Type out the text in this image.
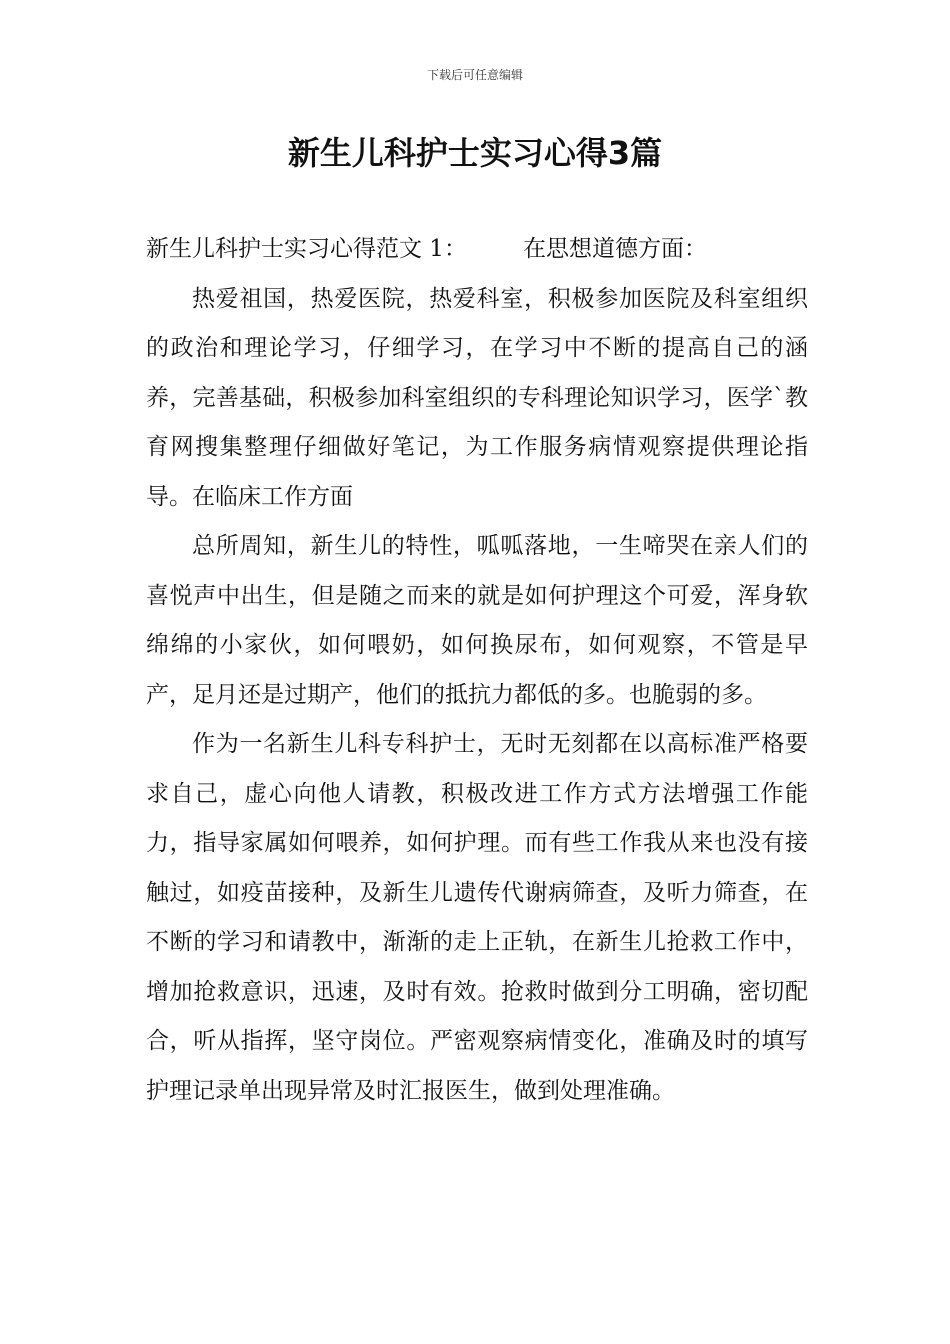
下载后可任意编辑
新生儿科护士实习心得3篇

新生儿科护士实习心得范文 1： 在思想道德方面：

热爱祖国，热爱医院，热爱科室，积极参加医院及科室组织的政治和理论学习，仔细学习，在学习中不断的提高自己的涵养，完善基础，积极参加科室组织的专科理论知识学习，医学`教育网搜集整理仔细做好笔记，为工作服务病情观察提供理论指导。在临床工作方面

总所周知，新生儿的特性，呱呱落地，一生啼哭在亲人们的喜悦声中出生，但是随之而来的就是如何护理这个可爱，浑身软绵绵的小家伙，如何喂奶，如何换尿布，如何观察，不管是早产，足月还是过期产，他们的抵抗力都低的多。也脆弱的多。

作为一名新生儿科专科护士，无时无刻都在以高标准严格要求自己，虚心向他人请教，积极改进工作方式方法增强工作能力，指导家属如何喂养，如何护理。而有些工作我从来也没有接触过，如疫苗接种，及新生儿遗传代谢病筛查，及听力筛查，在不断的学习和请教中，渐渐的走上正轨，在新生儿抢救工作中，增加抢救意识，迅速，及时有效。抢救时做到分工明确，密切配合，听从指挥，坚守岗位。严密观察病情变化，准确及时的填写护理记录单出现异常及时汇报医生，做到处理准确。
